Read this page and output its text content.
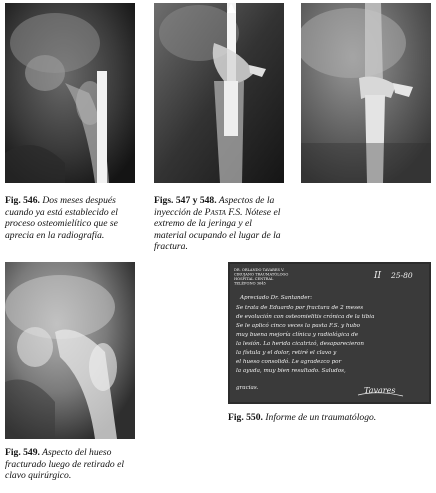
Fig. 546. Dos meses después cuando ya está establecido el proceso osteomielítico que se aprecia en la radiografía.
Figs. 547 y 548. Aspectos de la inyección de Pasta F.S. Nótese el extremo de la jeringa y el material ocupando el lugar de la fractura.
Fig. 549. Aspecto del hueso fracturado luego de retirado el clavo quirúrgico.
DR. ORLANDO TAVARES V.
CIRUJANO TRAUMATÓLOGO
HOSPITAL CENTRAL
TELÉFONO 3645
II 25-80
Apreciado Dr. Santander:
Se trata de Eduardo por fractura de 2 meses
de evolución con osteomielitis crónica de la tibia
Se le aplicó cinco veces la pasta F.S. y hubo
muy buena mejoría clínica y radiológica de
la lesión. La herida cicatrizó, desaparecieron
la fístula y el dolor, retiré el clavo y
el hueso consolidó. Le agradezco por
la ayuda, muy bien resultado. Saludos,
gracias.	Tavares
Fig. 550. Informe de un traumatólogo.
